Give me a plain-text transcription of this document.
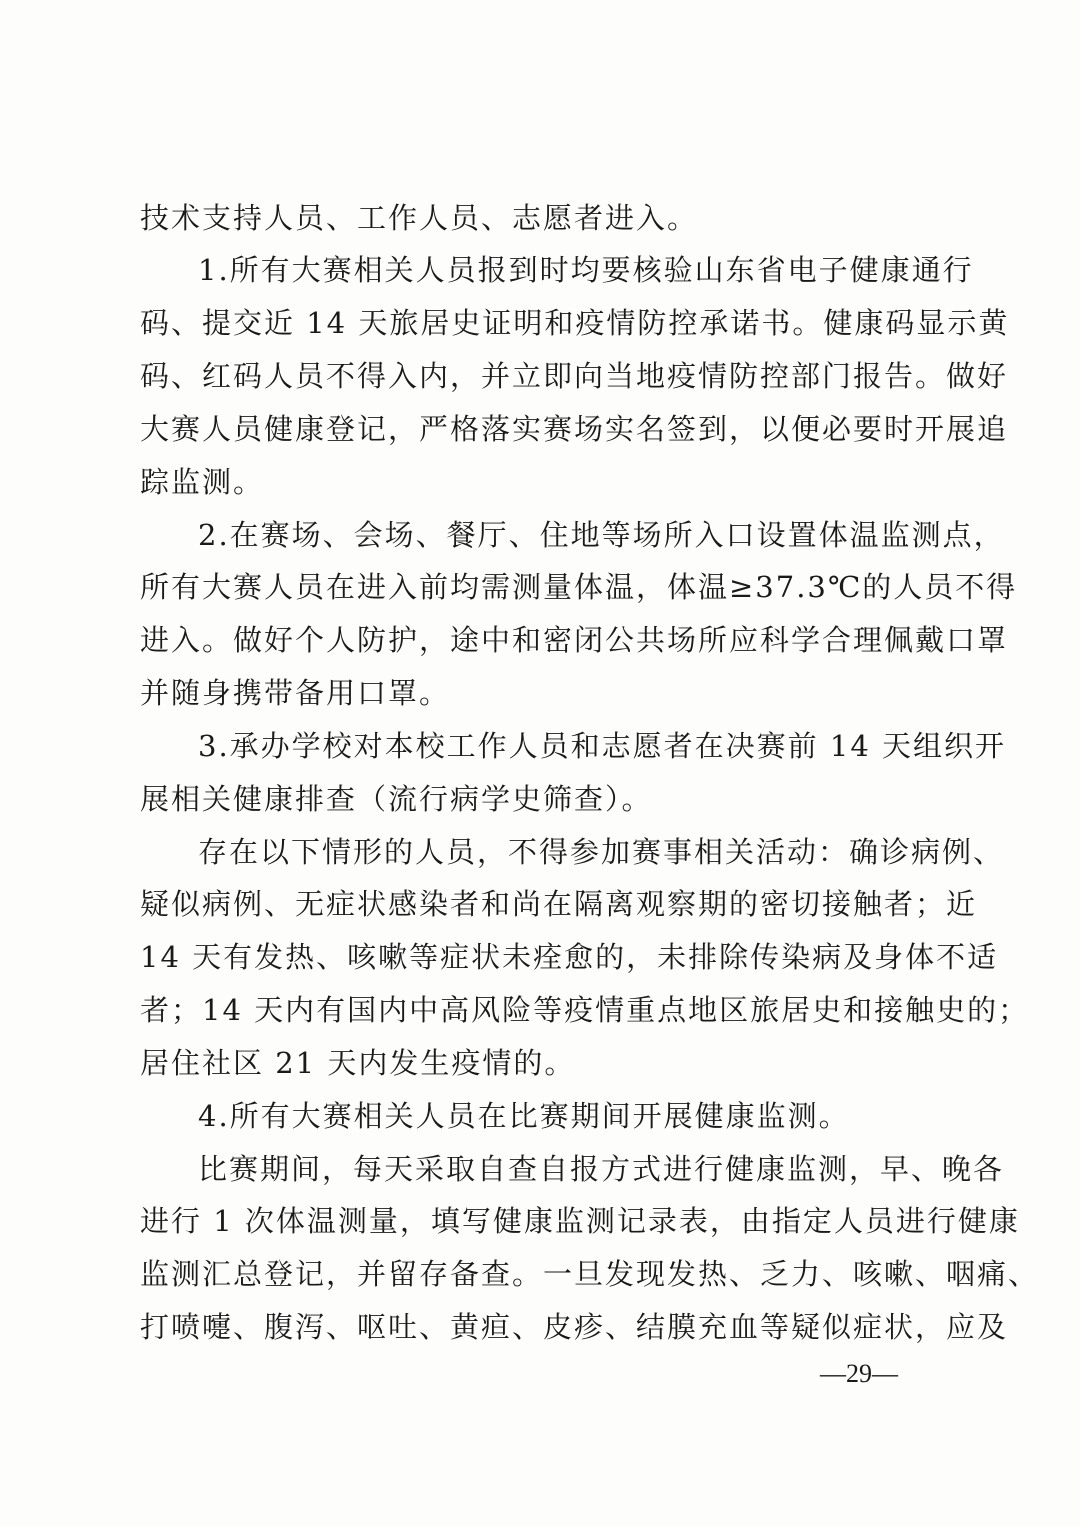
技术支持人员、工作人员、志愿者进入。
1.所有大赛相关人员报到时均要核验山东省电子健康通行
码、提交近 14 天旅居史证明和疫情防控承诺书。健康码显示黄
码、红码人员不得入内，并立即向当地疫情防控部门报告。做好
大赛人员健康登记，严格落实赛场实名签到，以便必要时开展追
踪监测。
2.在赛场、会场、餐厅、住地等场所入口设置体温监测点，
所有大赛人员在进入前均需测量体温，体温≥37.3℃的人员不得
进入。做好个人防护，途中和密闭公共场所应科学合理佩戴口罩
并随身携带备用口罩。
3.承办学校对本校工作人员和志愿者在决赛前 14 天组织开
展相关健康排查（流行病学史筛查）。
存在以下情形的人员，不得参加赛事相关活动：确诊病例、
疑似病例、无症状感染者和尚在隔离观察期的密切接触者；近
14 天有发热、咳嗽等症状未痊愈的，未排除传染病及身体不适
者；14 天内有国内中高风险等疫情重点地区旅居史和接触史的；
居住社区 21 天内发生疫情的。
4.所有大赛相关人员在比赛期间开展健康监测。
比赛期间，每天采取自查自报方式进行健康监测，早、晚各
进行 1 次体温测量，填写健康监测记录表，由指定人员进行健康
监测汇总登记，并留存备查。一旦发现发热、乏力、咳嗽、咽痛、
打喷嚏、腹泻、呕吐、黄疸、皮疹、结膜充血等疑似症状，应及
—29—
